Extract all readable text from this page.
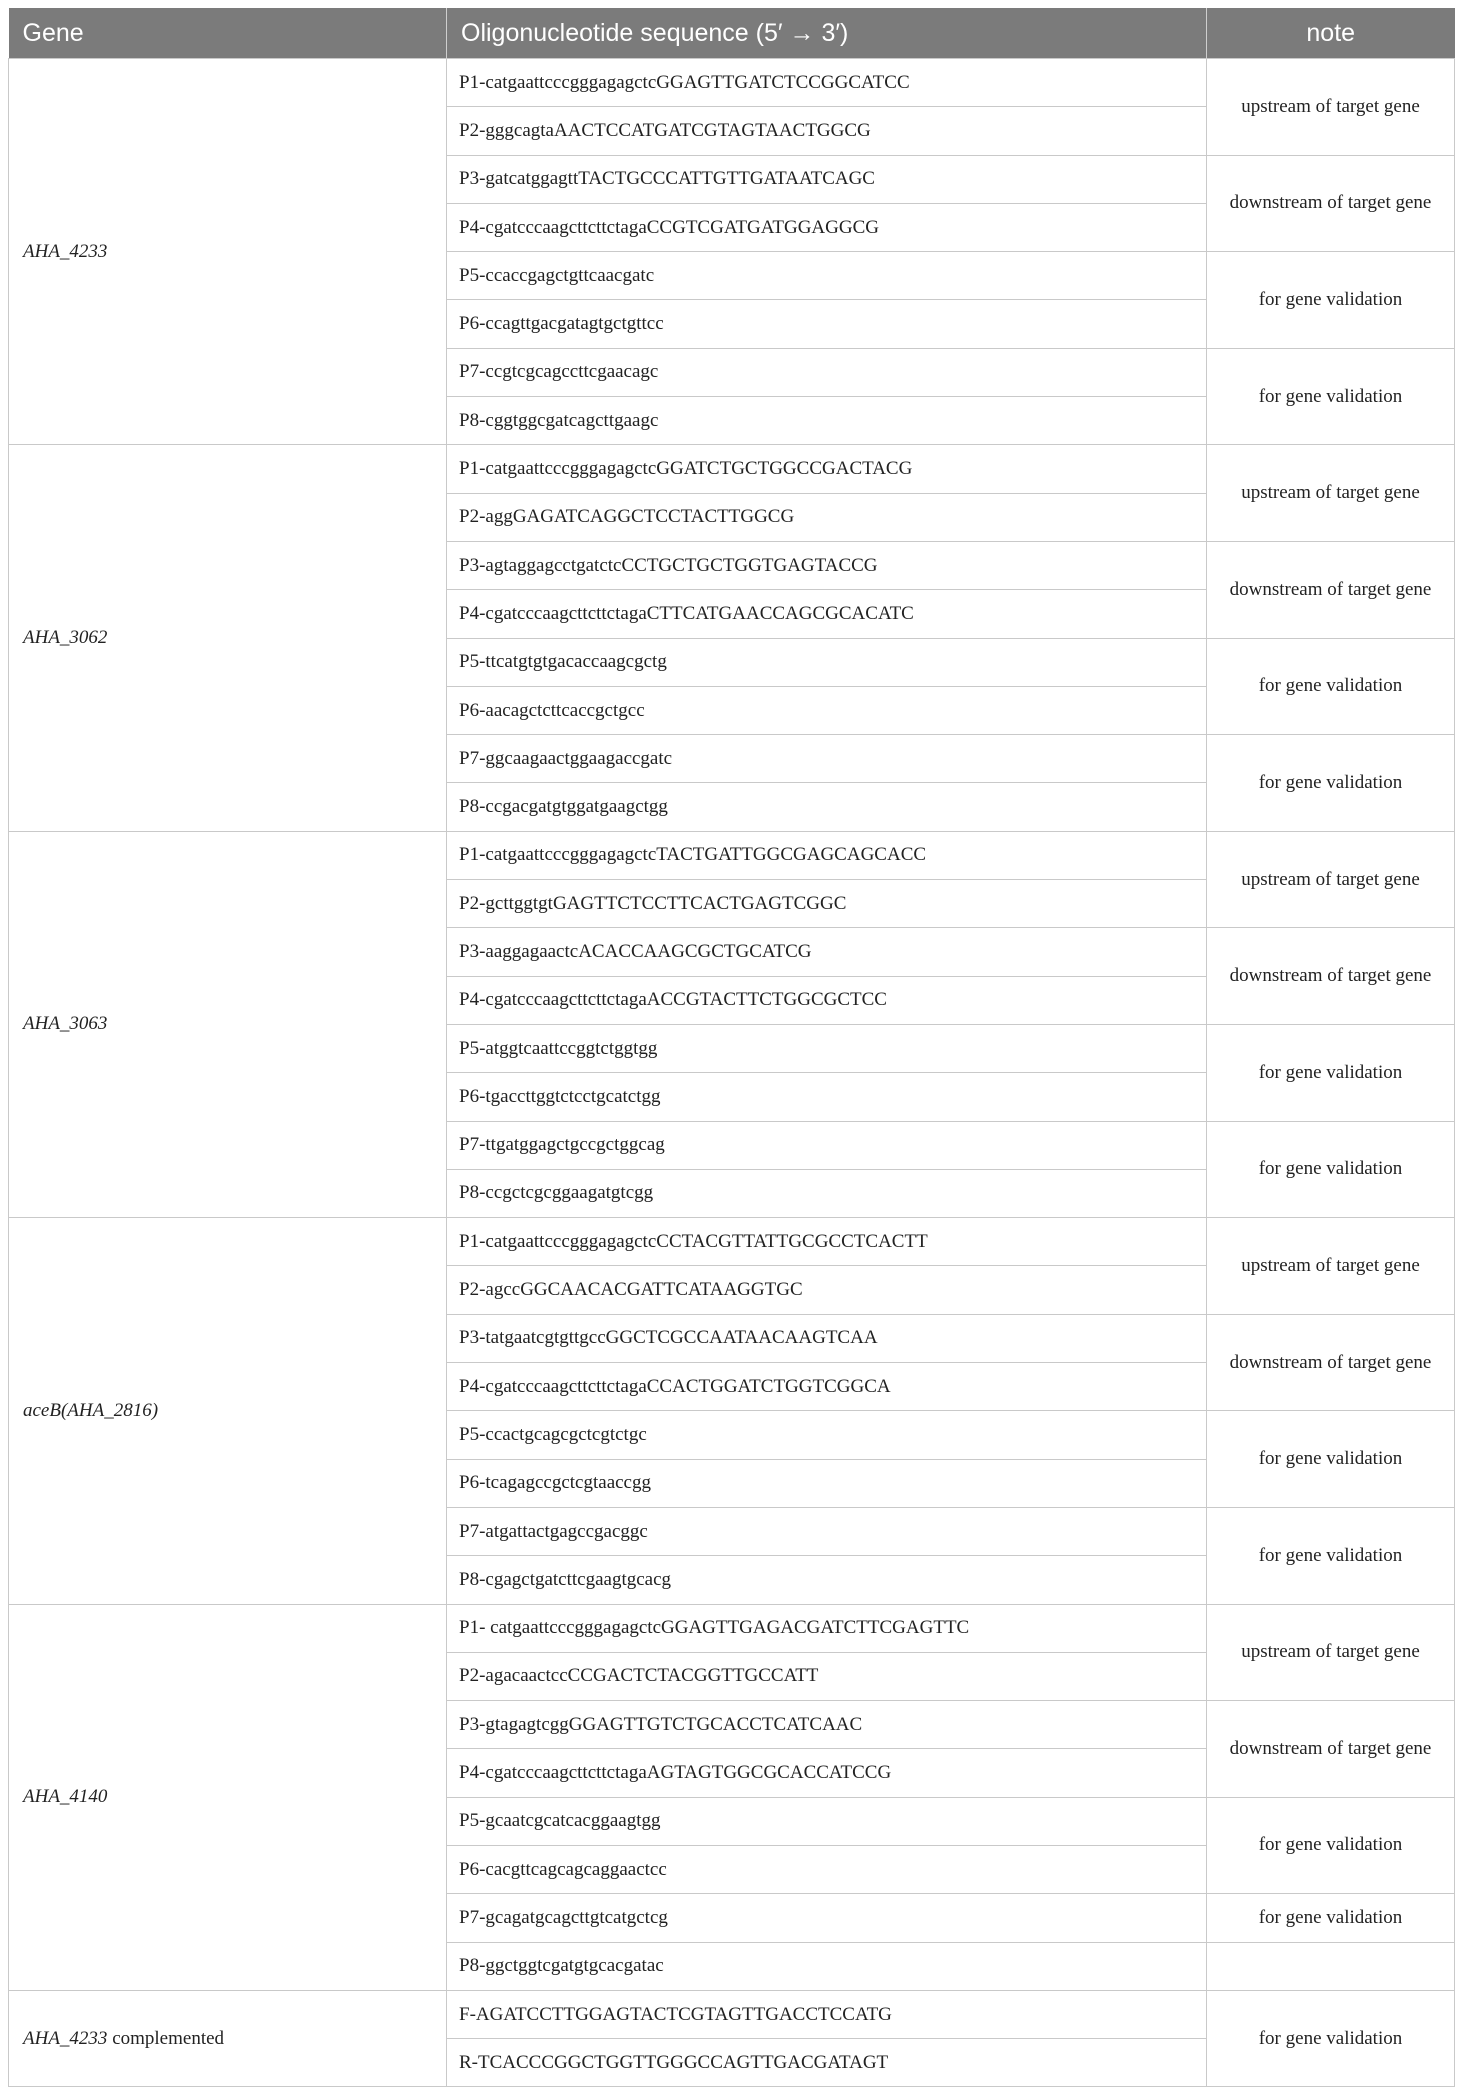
Gene	Oligonucleotide sequence (5′ → 3′)	note
AHA_4233	P1-catgaattcccgggagagctcGGAGTTGATCTCCGGCATCC	upstream of target gene
	P2-gggcagtaAACTCCATGATCGTAGTAACTGGCG	
	P3-gatcatggagttTACTGCCCATTGTTGATAATCAGC	downstream of target gene
	P4-cgatcccaagcttcttctagaCCGTCGATGATGGAGGCG	
	P5-ccaccgagctgttcaacgatc	for gene validation
	P6-ccagttgacgatagtgctgttcc	
	P7-ccgtcgcagccttcgaacagc	for gene validation
	P8-cggtggcgatcagcttgaagc	
AHA_3062	P1-catgaattcccgggagagctcGGATCTGCTGGCCGACTACG	upstream of target gene
	P2-aggGAGATCAGGCTCCTACTTGGCG	
	P3-agtaggagcctgatctcCCTGCTGCTGGTGAGTACCG	downstream of target gene
	P4-cgatcccaagcttcttctagaCTTCATGAACCAGCGCACATC	
	P5-ttcatgtgtgacaccaagcgctg	for gene validation
	P6-aacagctcttcaccgctgcc	
	P7-ggcaagaactggaagaccgatc	for gene validation
	P8-ccgacgatgtggatgaagctgg	
AHA_3063	P1-catgaattcccgggagagctcTACTGATTGGCGAGCAGCACC	upstream of target gene
	P2-gcttggtgtGAGTTCTCCTTCACTGAGTCGGC	
	P3-aaggagaactcACACCAAGCGCTGCATCG	downstream of target gene
	P4-cgatcccaagcttcttctagaACCGTACTTCTGGCGCTCC	
	P5-atggtcaattccggtctggtgg	for gene validation
	P6-tgaccttggtctcctgcatctgg	
	P7-ttgatggagctgccgctggcag	for gene validation
	P8-ccgctcgcggaagatgtcgg	
aceB(AHA_2816)	P1-catgaattcccgggagagctcCCTACGTTATTGCGCCTCACTT	upstream of target gene
	P2-agccGGCAACACGATTCATAAGGTGC	
	P3-tatgaatcgtgttgccGGCTCGCCAATAACAAGTCAA	downstream of target gene
	P4-cgatcccaagcttcttctagaCCACTGGATCTGGTCGGCA	
	P5-ccactgcagcgctcgtctgc	for gene validation
	P6-tcagagccgctcgtaaccgg	
	P7-atgattactgagccgacggc	for gene validation
	P8-cgagctgatcttcgaagtgcacg	
AHA_4140	P1- catgaattcccgggagagctcGGAGTTGAGACGATCTTCGAGTTC	upstream of target gene
	P2-agacaactccCCGACTCTACGGTTGCCATT	
	P3-gtagagtcggGGAGTTGTCTGCACCTCATCAAC	downstream of target gene
	P4-cgatcccaagcttcttctagaAGTAGTGGCGCACCATCCG	
	P5-gcaatcgcatcacggaagtgg	for gene validation
	P6-cacgttcagcagcaggaactcc	
	P7-gcagatgcagcttgtcatgctcg	for gene validation
	P8-ggctggtcgatgtgcacgatac	
AHA_4233 complemented	F-AGATCCTTGGAGTACTCGTAGTTGACCTCCATG	for gene validation
	R-TCACCCGGCTGGTTGGGCCAGTTGACGATAGT	
